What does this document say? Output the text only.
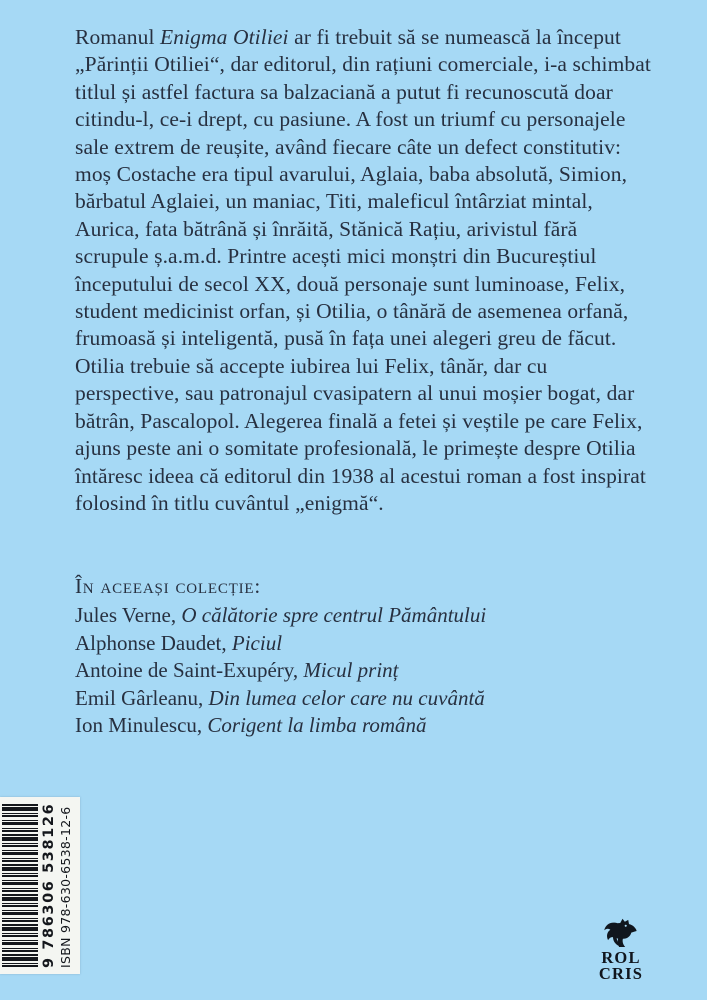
Romanul Enigma Otiliei ar fi trebuit să se numească la început „Părinții Otiliei“, dar editorul, din rațiuni comerciale, i-a schimbat titlul și astfel factura sa balzaciană a putut fi recunoscută doar citindu-l, ce-i drept, cu pasiune. A fost un triumf cu personajele sale extrem de reușite, având fiecare câte un defect constitutiv: moș Costache era tipul avarului, Aglaia, baba absolută, Simion, bărbatul Aglaiei, un maniac, Titi, maleficul întârziat mintal, Aurica, fata bătrână și înrăită, Stănică Rațiu, arivistul fără scrupule ș.a.m.d. Printre acești mici monștri din Bucureștiul începutului de secol XX, două personaje sunt luminoase, Felix, student medicinist orfan, și Otilia, o tânără de asemenea orfană, frumoasă și inteligentă, pusă în fața unei alegeri greu de făcut. Otilia trebuie să accepte iubirea lui Felix, tânăr, dar cu perspective, sau patronajul cvasipatern al unui moșier bogat, dar bătrân, Pascalopol. Alegerea finală a fetei și veștile pe care Felix, ajuns peste ani o somitate profesională, le primește despre Otilia întăresc ideea că editorul din 1938 al acestui roman a fost inspirat folosind în titlu cuvântul „enigmă“.

În aceeași colecție:
Jules Verne, O călătorie spre centrul Pământului
Alphonse Daudet, Piciul
Antoine de Saint-Exupéry, Micul prinț
Emil Gârleanu, Din lumea celor care nu cuvântă
Ion Minulescu, Corigent la limba română
9 786306 538126 ISBN 978-630-6538-12-6	ROL
CRIS
